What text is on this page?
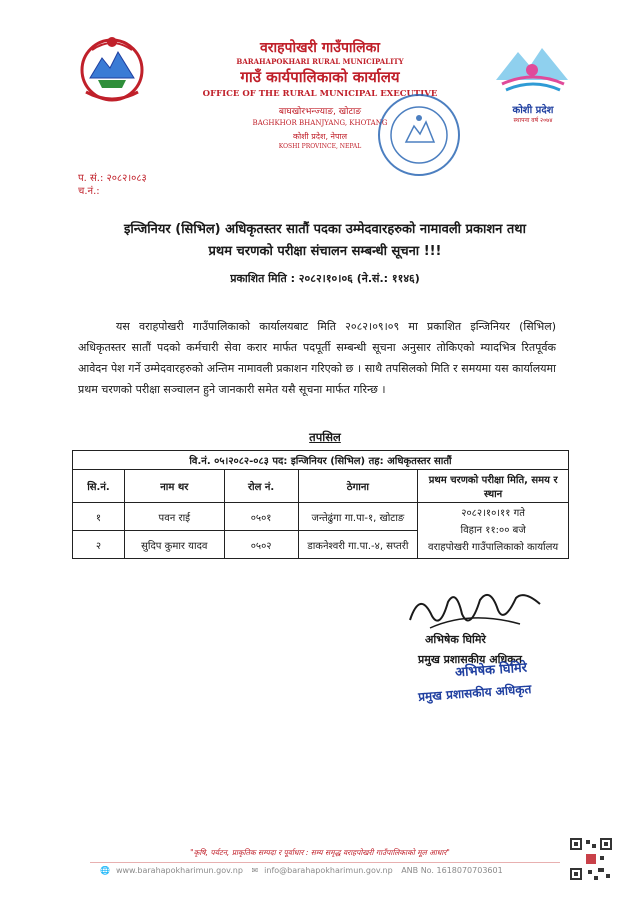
कोशी प्रदेश
स्थापना वर्ष २०७४
वराहपोखरी गाउँपालिका
BARAHAPOKHARI RURAL MUNICIPALITY
गाउँ कार्यपालिकाको कार्यालय
OFFICE OF THE RURAL MUNICIPAL EXECUTIVE
बाघखोरभन्ज्याङ, खोटाङ
BAGHKHOR BHANJYANG, KHOTANG
कोशी प्रदेश, नेपाल
KOSHI PROVINCE, NEPAL
प. सं.: २०८२।०८३
च.नं.:
इन्जिनियर (सिभिल) अधिकृतस्तर सातौं पदका उम्मेदवारहरुको नामावली प्रकाशन तथा
प्रथम चरणको परीक्षा संचालन सम्बन्धी सूचना !!!
प्रकाशित मिति : २०८२।१०।०६ (ने.सं.: ११४६)
यस वराहपोखरी गाउँपालिकाको कार्यालयबाट मिति २०८२।०९।०९ मा प्रकाशित इन्जिनियर (सिभिल) अधिकृतस्तर सातौं पदको कर्मचारी सेवा करार मार्फत पदपूर्ती सम्बन्धी सूचना अनुसार तोकिएको म्यादभित्र रितपूर्वक आवेदन पेश गर्ने उम्मेदवारहरुको अन्तिम नामावली प्रकाशन गरिएको छ । साथै तपसिलको मिति र समयमा यस कार्यालयमा प्रथम चरणको परीक्षा सञ्चालन हुने जानकारी समेत यसै सूचना मार्फत गरिन्छ ।
तपसिल
वि.नं. ०५।२०८२-०८३ पद: इन्जिनियर (सिभिल) तह: अधिकृतस्तर सातौं				
सि.नं.	नाम थर	रोल नं.	ठेगाना	प्रथम चरणको परीक्षा मिति, समय र स्थान
१	पवन राई	०५०१	जन्तेढुंगा गा.पा-१, खोटाङ	२०८२।१०।११ गते
विहान ११:०० बजे
वराहपोखरी गाउँपालिकाको कार्यालय

२	सुदिप कुमार यादव	०५०२	डाकनेश्वरी गा.पा.-४, सप्तरी	
अभिषेक घिमिरे
प्रमुख प्रशासकीय अधिकृत
अभिषेक घिमिरे
प्रमुख प्रशासकीय अधिकृत
"कृषि, पर्यटन, प्राकृतिक सम्पदा र पूर्वाधार : सम्य समृद्ध वराहपोखरी गाउँपालिकाको मूल आधार"
🌐 www.barahapokharimun.gov.np ✉ info@barahapokharimun.gov.np ANB No. 1618070703601
